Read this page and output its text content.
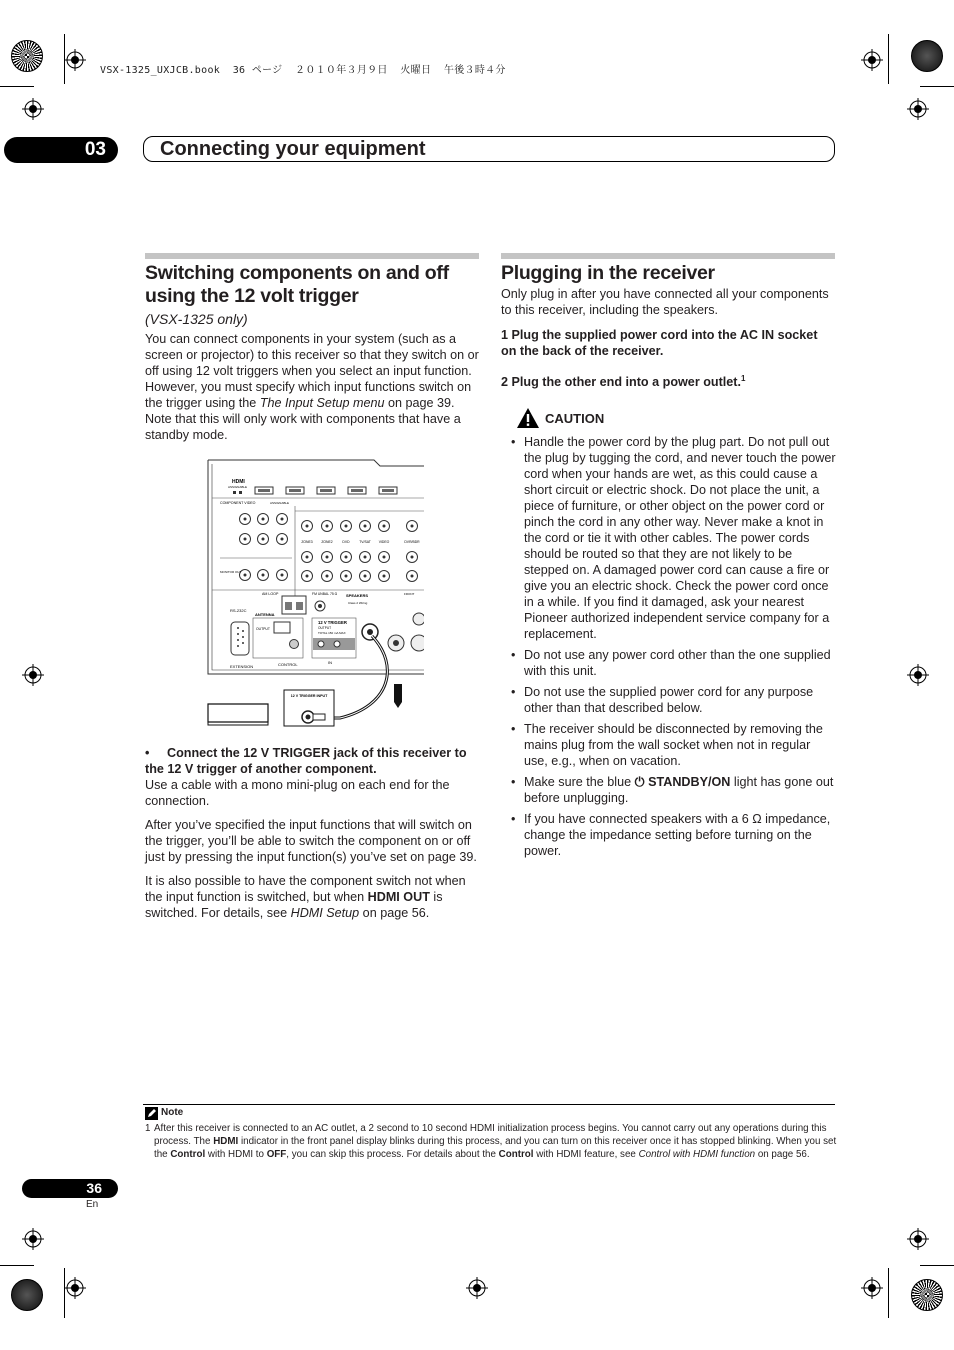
VSX-1325_UXJCB.book  36 ページ  ２０１０年３月９日  火曜日  午後３時４分
03	Connecting your equipment
Switching components on and off using the 12 volt trigger
(VSX-1325 only)

You can connect components in your system (such as a screen or projector) to this receiver so that they switch on or off using 12 volt triggers when you select an input function. However, you must specify which input functions switch on the trigger using the The Input Setup menu on page 39. Note that this will only work with components that have a standby mode.

HDMI
ASSIGNABLE
COMPONENT VIDEO	ASSIGNABLE
MONITOR OUT
ZONE3	ZONE2	DVD	TV/SAT VIDEO	DVR/BDR
AM LOOP	FM UNBAL 75 Ω
ANTENNA
SPEAKERS
Class 2 Wiring
FRONT
RS-232C
EXTENSION
OUTPUT
CONTROL
12 V TRIGGER
OUTPUT
TOTAL 150 mA MAX
IN
12 V TRIGGER INPUT

• Connect the 12 V TRIGGER jack of this receiver to the 12 V trigger of another component.

Use a cable with a mono mini-plug on each end for the connection.

After you’ve specified the input functions that will switch on the trigger, you’ll be able to switch the component on or off just by pressing the input function(s) you’ve set on page 39.

It is also possible to have the component switch not when the input function is switched, but when HDMI OUT is switched. For details, see HDMI Setup on page 56.

Plugging in the receiver
Only plug in after you have connected all your components to this receiver, including the speakers.
1 Plug the supplied power cord into the AC IN socket on the back of the receiver.
2 Plug the other end into a power outlet.$^1$
CAUTION
• Handle the power cord by the plug part. Do not pull out the plug by tugging the cord, and never touch the power cord when your hands are wet, as this could cause a short circuit or electric shock. Do not place the unit, a piece of furniture, or other object on the power cord or pinch the cord in any other way. Never make a knot in the cord or tie it with other cables. The power cords should be routed so that they are not likely to be stepped on. A damaged power cord can cause a fire or give you an electric shock. Check the power cord once in a while. If you find it damaged, ask your nearest Pioneer authorized independent service company for a replacement.
• Do not use any power cord other than the one supplied with this unit.
• Do not use the supplied power cord for any purpose other than that described below.
• The receiver should be disconnected by removing the mains plug from the wall socket when not in regular use, e.g., when on vacation.
• Make sure the blue ⏻ STANDBY/ON light has gone out before unplugging.
• If you have connected speakers with a 6 Ω impedance, change the impedance setting before turning on the power.
Note
1 After this receiver is connected to an AC outlet, a 2 second to 10 second HDMI initialization process begins. You cannot carry out any operations during this process. The HDMI indicator in the front panel display blinks during this process, and you can turn on this receiver once it has stopped blinking. When you set the Control with HDMI to OFF, you can skip this process. For details about the Control with HDMI feature, see Control with HDMI function on page 56.
36
En
